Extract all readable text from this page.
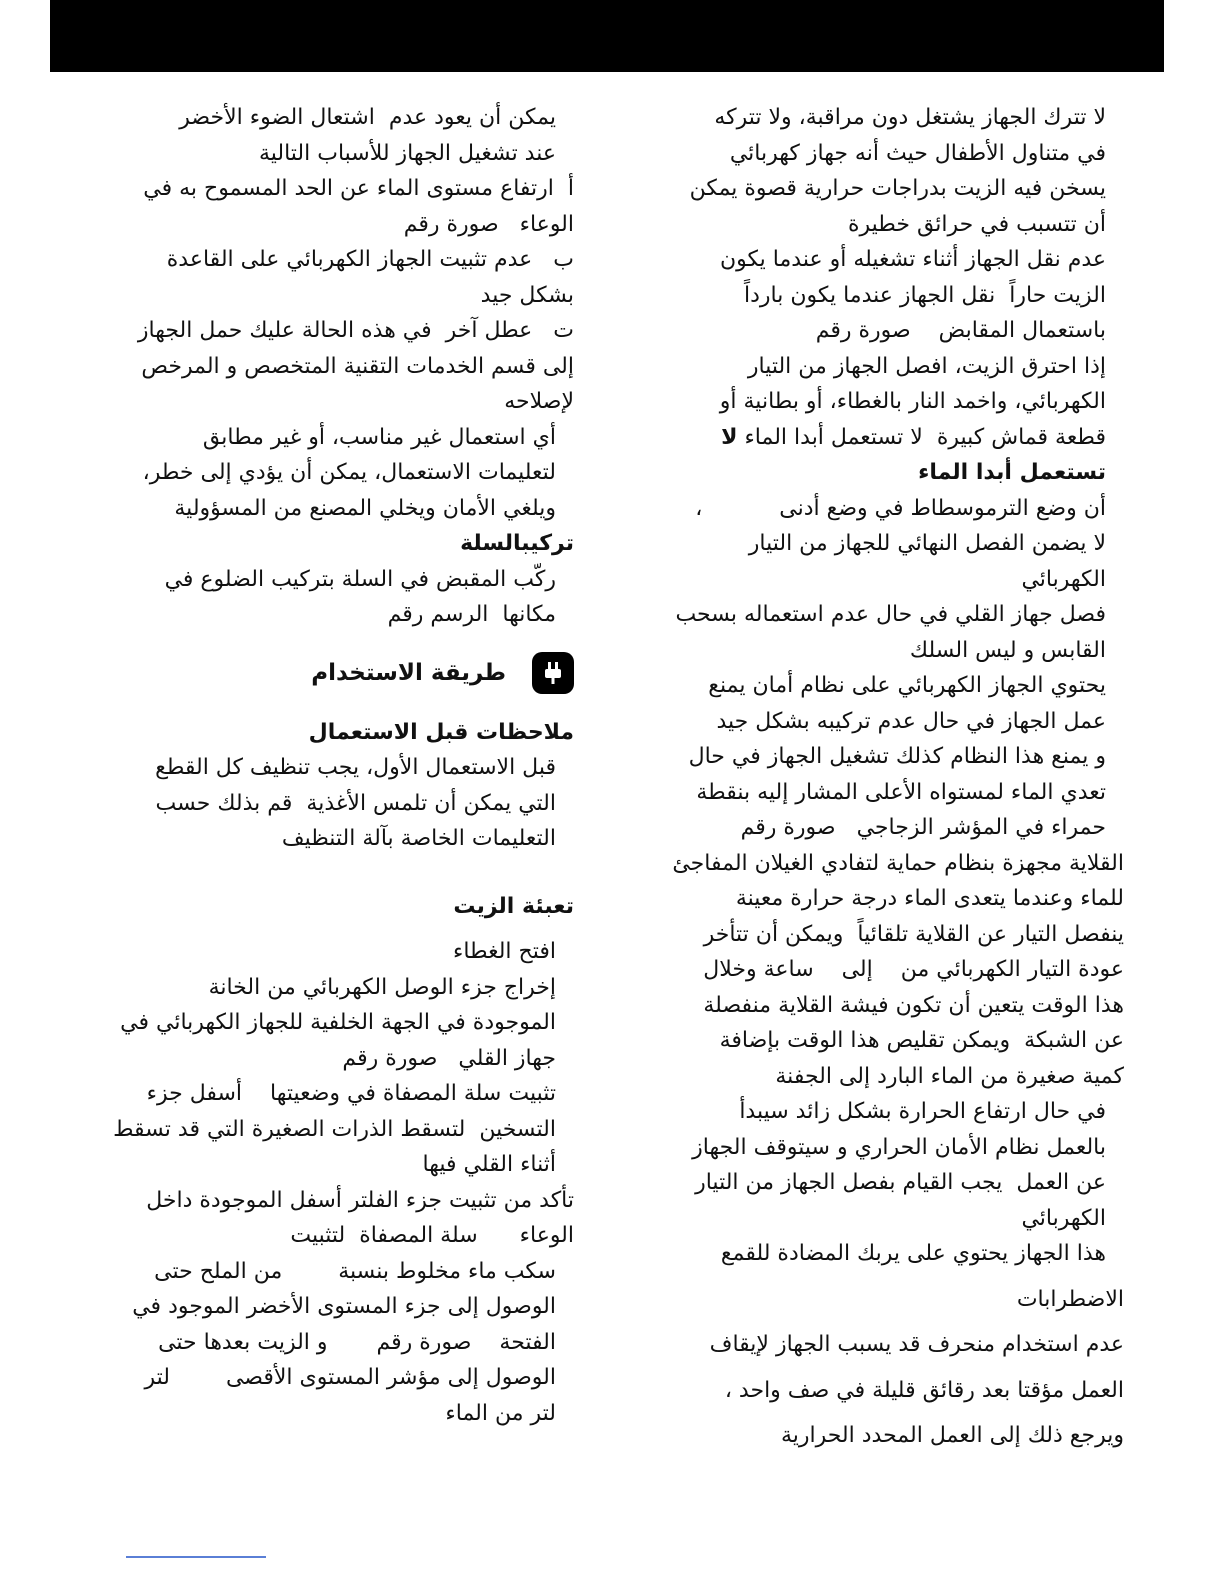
لا تترك الجهاز يشتغل دون مراقبة، ولا تتركه
في متناول الأطفال حيث أنه جهاز كهربائي
يسخن فيه الزيت بدراجات حرارية قصوة يمكن
أن تتسبب في حرائق خطيرة

عدم نقل الجهاز أثناء تشغيله أو عندما يكون
الزيت حاراً  نقل الجهاز عندما يكون بارداً
باستعمال المقابض    صورة رقم

إذا احترق الزيت، افصل الجهاز من التيار
الكهربائي، واخمد النار بالغطاء، أو بطانية أو
قطعة قماش كبيرة  لا تستعمل أبدا الماء لا
تستعمل أبدا الماء

أن وضع الترموسطاط في وضع أدنى           ،
لا يضمن الفصل النهائي للجهاز من التيار
الكهربائي

فصل جهاز القلي في حال عدم استعماله بسحب
القابس و ليس السلك

يحتوي الجهاز الكهربائي على نظام أمان يمنع
عمل الجهاز في حال عدم تركيبه بشكل جيد

و يمنع هذا النظام كذلك تشغيل الجهاز في حال
تعدي الماء لمستواه الأعلى المشار إليه بنقطة
حمراء في المؤشر الزجاجي   صورة رقم

القلاية مجهزة بنظام حماية لتفادي الغيلان المفاجئ
للماء وعندما يتعدى الماء درجة حرارة معينة
ينفصل التيار عن القلاية تلقائياً  ويمكن أن تتأخر
عودة التيار الكهربائي من    إلى    ساعة وخلال
هذا الوقت يتعين أن تكون فيشة القلاية منفصلة
عن الشبكة  ويمكن تقليص هذا الوقت بإضافة
كمية صغيرة من الماء البارد إلى الجفنة

في حال ارتفاع الحرارة بشكل زائد سيبدأ
بالعمل نظام الأمان الحراري و سيتوقف الجهاز
عن العمل  يجب القيام بفصل الجهاز من التيار
الكهربائي

هذا الجهاز يحتوي على يربك المضادة للقمع

الاضطرابات

عدم استخدام منحرف قد يسبب الجهاز لإيقاف

العمل مؤقتا بعد رقائق قليلة في صف واحد ،

ويرجع ذلك إلى العمل المحدد الحرارية

يمكن أن يعود عدم  اشتعال الضوء الأخضر
عند تشغيل الجهاز للأسباب التالية

أ  ارتفاع مستوى الماء عن الحد المسموح به في
الوعاء   صورة رقم

ب   عدم تثبيت الجهاز الكهربائي على القاعدة
بشكل جيد

ت   عطل آخر  في هذه الحالة عليك حمل الجهاز
إلى قسم الخدمات التقنية المتخصص و المرخص
لإصلاحه

أي استعمال غير مناسب، أو غير مطابق
لتعليمات الاستعمال، يمكن أن يؤدي إلى خطر،
ويلغي الأمان ويخلي المصنع من المسؤولية

تركيبالسلة

ركّب المقبض في السلة بتركيب الضلوع في
مكانها  الرسم رقم

طريقة الاستخدام

ملاحظات قبل الاستعمال

قبل الاستعمال الأول، يجب تنظيف كل القطع
التي يمكن أن تلمس الأغذية  قم بذلك حسب
التعليمات الخاصة بآلة التنظيف

تعبئة الزيت

افتح الغطاء

إخراج جزء الوصل الكهربائي من الخانة
الموجودة في الجهة الخلفية للجهاز الكهربائي في
جهاز القلي   صورة رقم

تثبيت سلة المصفاة في وضعيتها    أسفل جزء
التسخين  لتسقط الذرات الصغيرة التي قد تسقط
أثناء القلي فيها

تأكد من تثبيت جزء الفلتر أسفل الموجودة داخل
الوعاء      سلة المصفاة  لتثبيت

سكب ماء مخلوط بنسبة        من الملح حتى
الوصول إلى جزء المستوى الأخضر الموجود في
الفتحة    صورة رقم       و الزيت بعدها حتى
الوصول إلى مؤشر المستوى الأقصى        لتر
لتر من الماء
